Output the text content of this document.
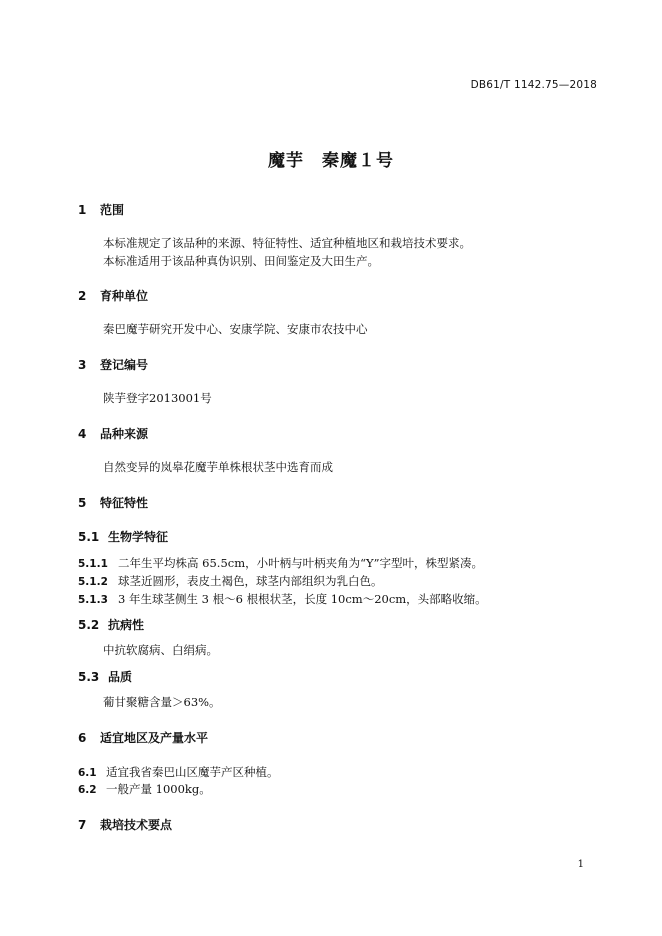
DB61/T 1142.75—2018
魔芋　秦魔１号
1 范围
本标准规定了该品种的来源、特征特性、适宜种植地区和栽培技术要求。
本标准适用于该品种真伪识别、田间鉴定及大田生产。
2 育种单位
秦巴魔芋研究开发中心、安康学院、安康市农技中心
3 登记编号
陕芋登字2013001号
4 品种来源
自然变异的岚皋花魔芋单株根状茎中选育而成
5 特征特性
5.1 生物学特征
5.1.1 二年生平均株高 65.5cm，小叶柄与叶柄夹角为“Y”字型叶，株型紧凑。
5.1.2 球茎近圆形，表皮土褐色，球茎内部组织为乳白色。
5.1.3 3 年生球茎侧生 3 根～6 根根状茎，长度 10cm～20cm，头部略收缩。
5.2 抗病性
中抗软腐病、白绢病。
5.3 品质
葡甘聚糖含量＞63%。
6 适宜地区及产量水平
6.1 适宜我省秦巴山区魔芋产区种植。
6.2 一般产量 1000kg。
7 栽培技术要点
1
